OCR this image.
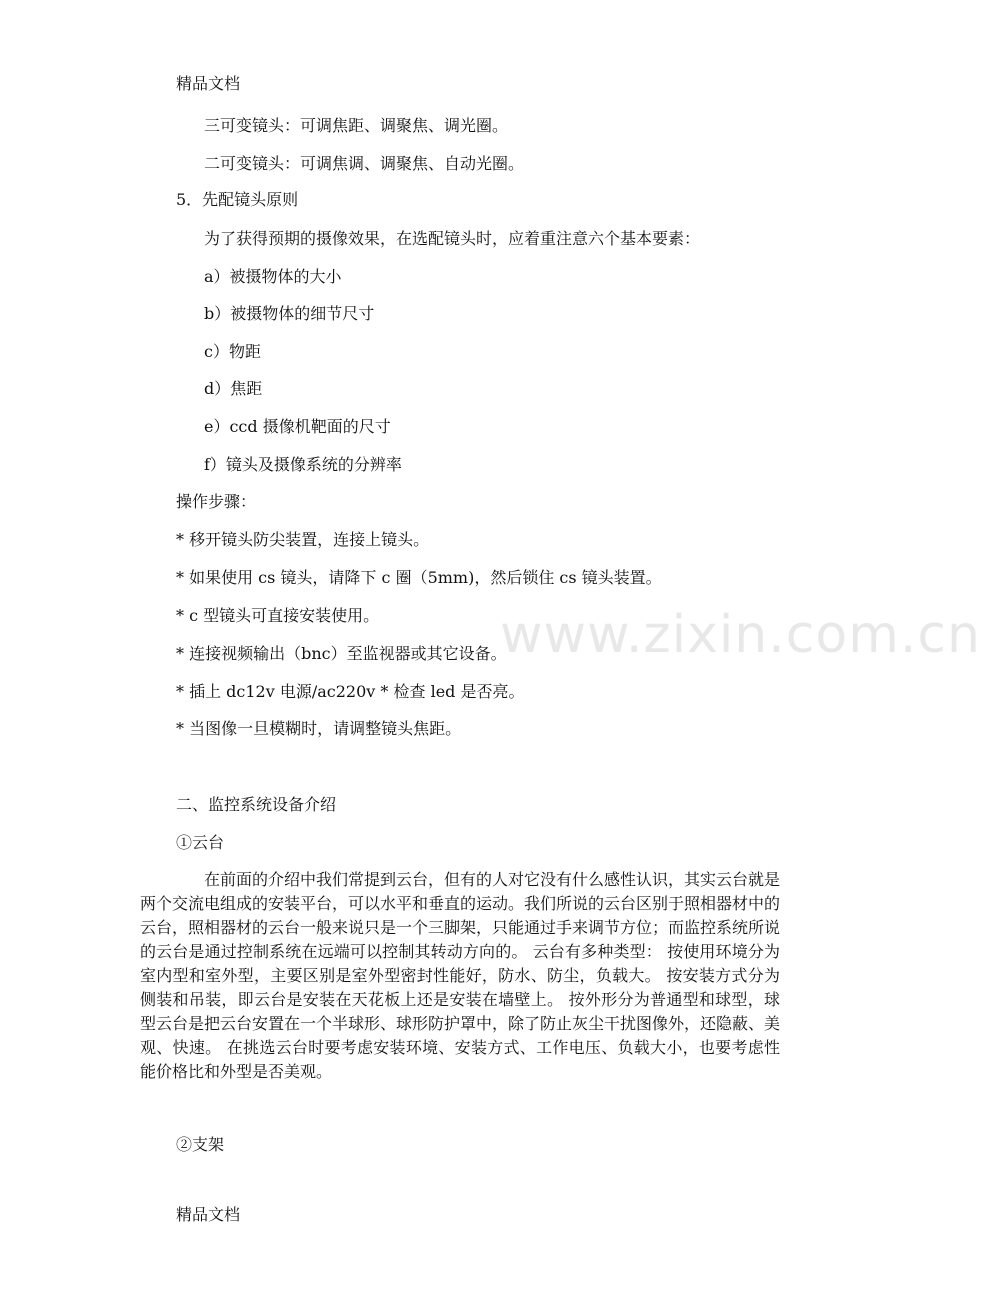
精品文档
三可变镜头：可调焦距、调聚焦、调光圈。
二可变镜头：可调焦调、调聚焦、自动光圈。
5．先配镜头原则
为了获得预期的摄像效果，在选配镜头时，应着重注意六个基本要素：
a）被摄物体的大小
b）被摄物体的细节尺寸
c）物距
d）焦距
e）ccd 摄像机靶面的尺寸
f）镜头及摄像系统的分辨率
操作步骤：
* 移开镜头防尖装置，连接上镜头。
* 如果使用 cs 镜头，请降下 c 圈（5mm)，然后锁住 cs 镜头装置。
* c 型镜头可直接安装使用。
* 连接视频输出（bnc）至监视器或其它设备。
* 插上 dc12v 电源/ac220v * 检查 led 是否亮。
* 当图像一旦模糊时，请调整镜头焦距。
二、监控系统设备介绍
①云台
在前面的介绍中我们常提到云台，但有的人对它没有什么感性认识，其实云台就是两个交流电组成的安装平台，可以水平和垂直的运动。我们所说的云台区别于照相器材中的云台，照相器材的云台一般来说只是一个三脚架，只能通过手来调节方位；而监控系统所说的云台是通过控制系统在远端可以控制其转动方向的。 云台有多种类型： 按使用环境分为室内型和室外型，主要区别是室外型密封性能好，防水、防尘，负载大。 按安装方式分为侧装和吊装，即云台是安装在天花板上还是安装在墙壁上。 按外形分为普通型和球型，球型云台是把云台安置在一个半球形、球形防护罩中，除了防止灰尘干扰图像外，还隐蔽、美观、快速。 在挑选云台时要考虑安装环境、安装方式、工作电压、负载大小，也要考虑性能价格比和外型是否美观。
②支架
精品文档
www.zixin.com.cn
